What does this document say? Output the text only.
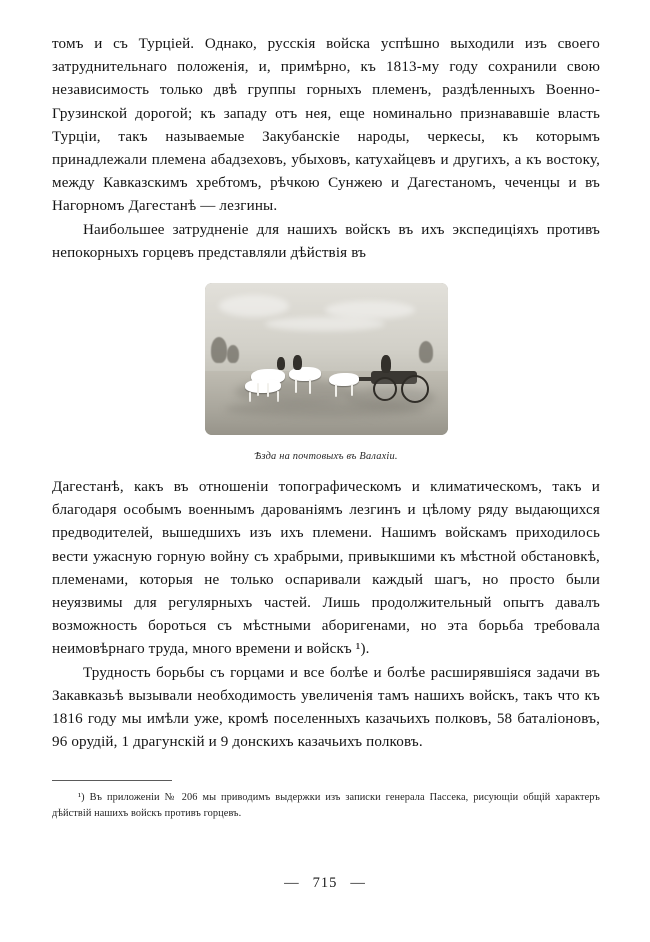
томъ и съ Турціей. Однако, русскія войска успѣшно выходили изъ своего затруднительнаго положенія, и, примѣрно, къ 1813-му году сохранили свою независимость только двѣ группы горныхъ племенъ, раздѣленныхъ Военно-Грузинской дорогой; къ западу отъ нея, еще номинально признававшіе власть Турціи, такъ называемые Закубанскіе народы, черкесы, къ которымъ принадлежали племена абадзеховъ, убыховъ, катухайцевъ и другихъ, а къ востоку, между Кавказскимъ хребтомъ, рѣчкою Сунжею и Дагестаномъ, чеченцы и въ Нагорномъ Дагестанѣ — лезгины.

Наибольшее затрудненіе для нашихъ войскъ въ ихъ экспедиціяхъ противъ непокорныхъ горцевъ представляли дѣйствія въ

Ѣзда на почтовыхъ въ Валахіи.

Дагестанѣ, какъ въ отношеніи топографическомъ и климатическомъ, такъ и благодаря особымъ военнымъ дарованіямъ лезгинъ и цѣлому ряду выдающихся предводителей, вышедшихъ изъ ихъ племени. Нашимъ войскамъ приходилось вести ужасную горную войну съ храбрыми, привыкшими къ мѣстной обстановкѣ, племенами, которыя не только оспаривали каждый шагъ, но просто были неуязвимы для регулярныхъ частей. Лишь продолжительный опытъ давалъ возможность бороться съ мѣстными аборигенами, но эта борьба требовала неимовѣрнаго труда, много времени и войскъ ¹).

Трудность борьбы съ горцами и все болѣе и болѣе расширявшіяся задачи въ Закавказьѣ вызывали необходимость увеличенія тамъ нашихъ войскъ, такъ что къ 1816 году мы имѣли уже, кромѣ поселенныхъ казачьихъ полковъ, 58 баталіоновъ, 96 орудій, 1 драгунскій и 9 донскихъ казачьихъ полковъ.

¹) Въ приложеніи № 206 мы приводимъ выдержки изъ записки генерала Пассека, рисующіи общій характеръ дѣйствій нашихъ войскъ противъ горцевъ.
— 715 —
